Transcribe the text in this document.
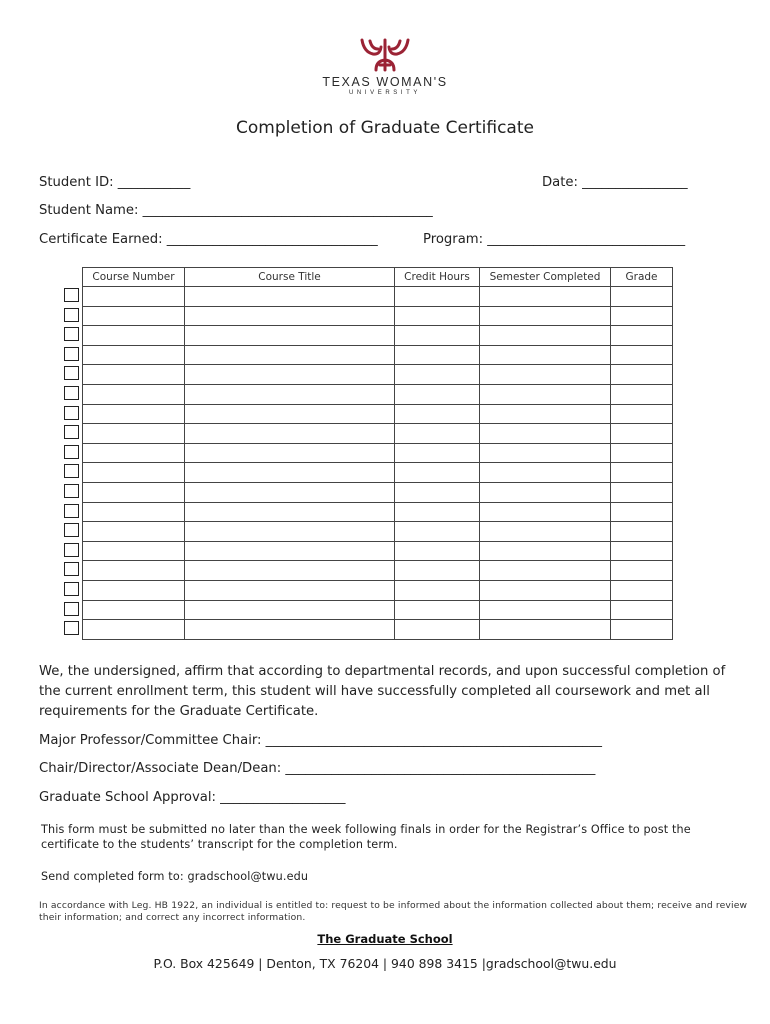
TEXAS WOMAN'S
UNIVERSITY
Completion of Graduate Certificate
Student ID: ___________	Date: ________________
Student Name: ____________________________________________
Certificate Earned: ________________________________	Program: ______________________________
Course Number	Course Title	Credit Hours	Semester Completed	Grade

We, the undersigned, affirm that according to departmental records, and upon successful completion of the current enrollment term, this student will have successfully completed all coursework and met all requirements for the Graduate Certificate.
Major Professor/Committee Chair: ___________________________________________________
Chair/Director/Associate Dean/Dean: _______________________________________________
Graduate School Approval: ___________________
This form must be submitted no later than the week following finals in order for the Registrar’s Office to post the certificate to the students’ transcript for the completion term.
Send completed form to: gradschool@twu.edu
In accordance with Leg. HB 1922, an individual is entitled to: request to be informed about the information collected about them; receive and review their information; and correct any incorrect information.
The Graduate School
P.O. Box 425649 | Denton, TX 76204 | 940 898 3415 |gradschool@twu.edu
